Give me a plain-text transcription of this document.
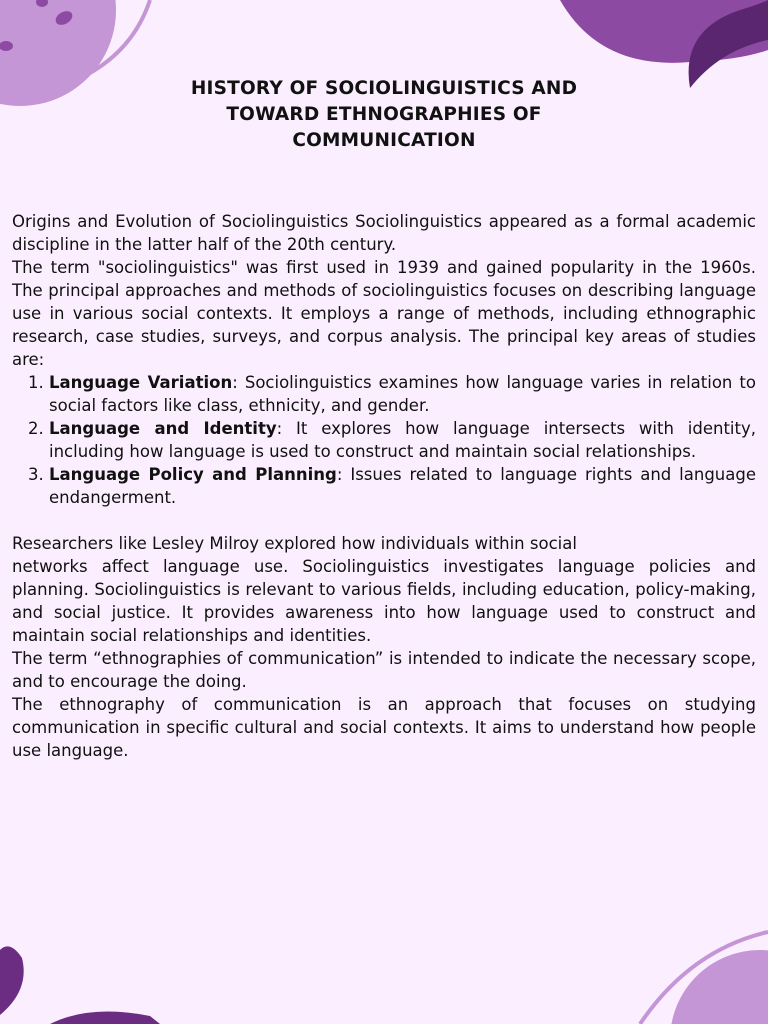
HISTORY OF SOCIOLINGUISTICS AND
TOWARD ETHNOGRAPHIES OF
COMMUNICATION

Origins and Evolution of Sociolinguistics Sociolinguistics appeared as a formal academic discipline in the latter half of the 20th century.

The term "sociolinguistics" was first used in 1939 and gained popularity in the 1960s. The principal approaches and methods of sociolinguistics focuses on describing language use in various social contexts. It employs a range of methods, including ethnographic research, case studies, surveys, and corpus analysis. The principal key areas of studies are:

1. Language Variation: Sociolinguistics examines how language varies in relation to social factors like class, ethnicity, and gender.
2. Language and Identity: It explores how language intersects with identity, including how language is used to construct and maintain social relationships.
3. Language Policy and Planning: Issues related to language rights and language endangerment.

Researchers like Lesley Milroy explored how individuals within social

networks affect language use. Sociolinguistics investigates language policies and planning. Sociolinguistics is relevant to various fields, including education, policy-making, and social justice. It provides awareness into how language used to construct and maintain social relationships and identities.

The term “ethnographies of communication” is intended to indicate the necessary scope, and to encourage the doing.

The ethnography of communication is an approach that focuses on studying communication in specific cultural and social contexts. It aims to understand how people use language.
